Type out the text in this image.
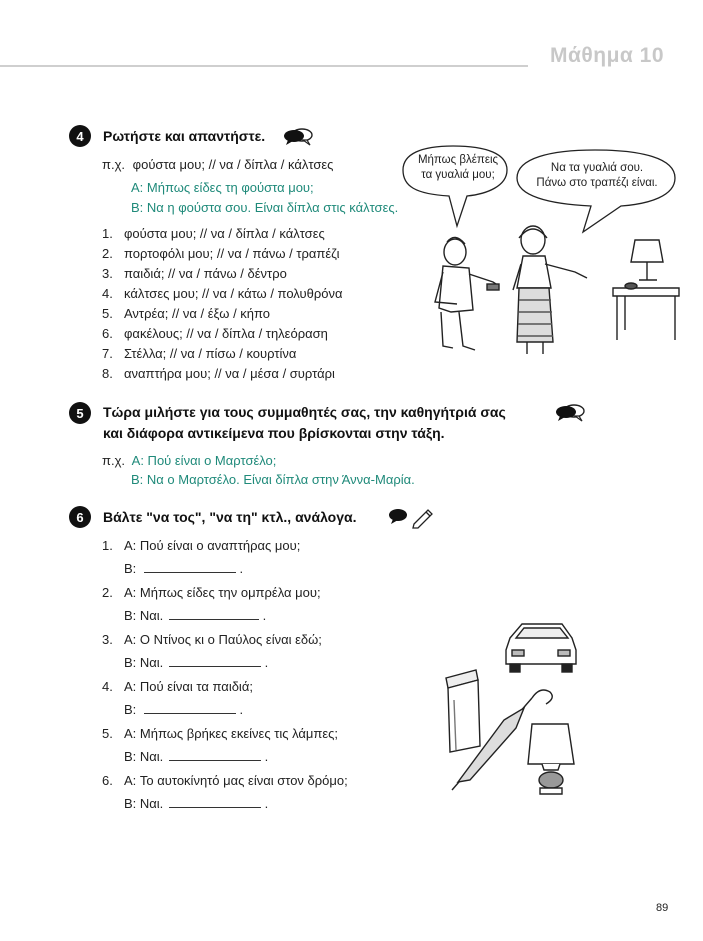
Μάθημα 10
4	Ρωτήστε και απαντήστε.
π.χ. φούστα μου; // να / δίπλα / κάλτσες
A: Μήπως είδες τη φούστα μου;
B: Να η φούστα σου. Είναι δίπλα στις κάλτσες.
1. φούστα μου; // να / δίπλα / κάλτσες
2. πορτοφόλι μου; // να / πάνω / τραπέζι
3. παιδιά; // να / πάνω / δέντρο
4. κάλτσες μου; // να / κάτω / πολυθρόνα
5. Αντρέα; // να / έξω / κήπο
6. φακέλους; // να / δίπλα / τηλεόραση
7. Στέλλα; // να / πίσω / κουρτίνα
8. αναπτήρα μου; // να / μέσα / συρτάρι
Μήπως βλέπεις
τα γυαλιά μου;
Να τα γυαλιά σου.
Πάνω στο τραπέζι είναι.
5	Τώρα μιλήστε για τους συμμαθητές σας, την καθηγήτριά σας
και διάφορα αντικείμενα που βρίσκονται στην τάξη.
π.χ. A: Πού είναι ο Μαρτσέλο;
B: Να ο Μαρτσέλο. Είναι δίπλα στην Άννα-Μαρία.
6	Βάλτε "να τος", "να τη" κτλ., ανάλογα.
1. A: Πού είναι ο αναπτήρας μου;
B:	.
2. A: Μήπως είδες την ομπρέλα μου;
B: Ναι.	.
3. A: Ο Ντίνος κι ο Παύλος είναι εδώ;
B: Ναι.	.
4. A: Πού είναι τα παιδιά;
B:	.
5. A: Μήπως βρήκες εκείνες τις λάμπες;
B: Ναι.	.
6. A: Το αυτοκίνητό μας είναι στον δρόμο;
B: Ναι.	.
89
